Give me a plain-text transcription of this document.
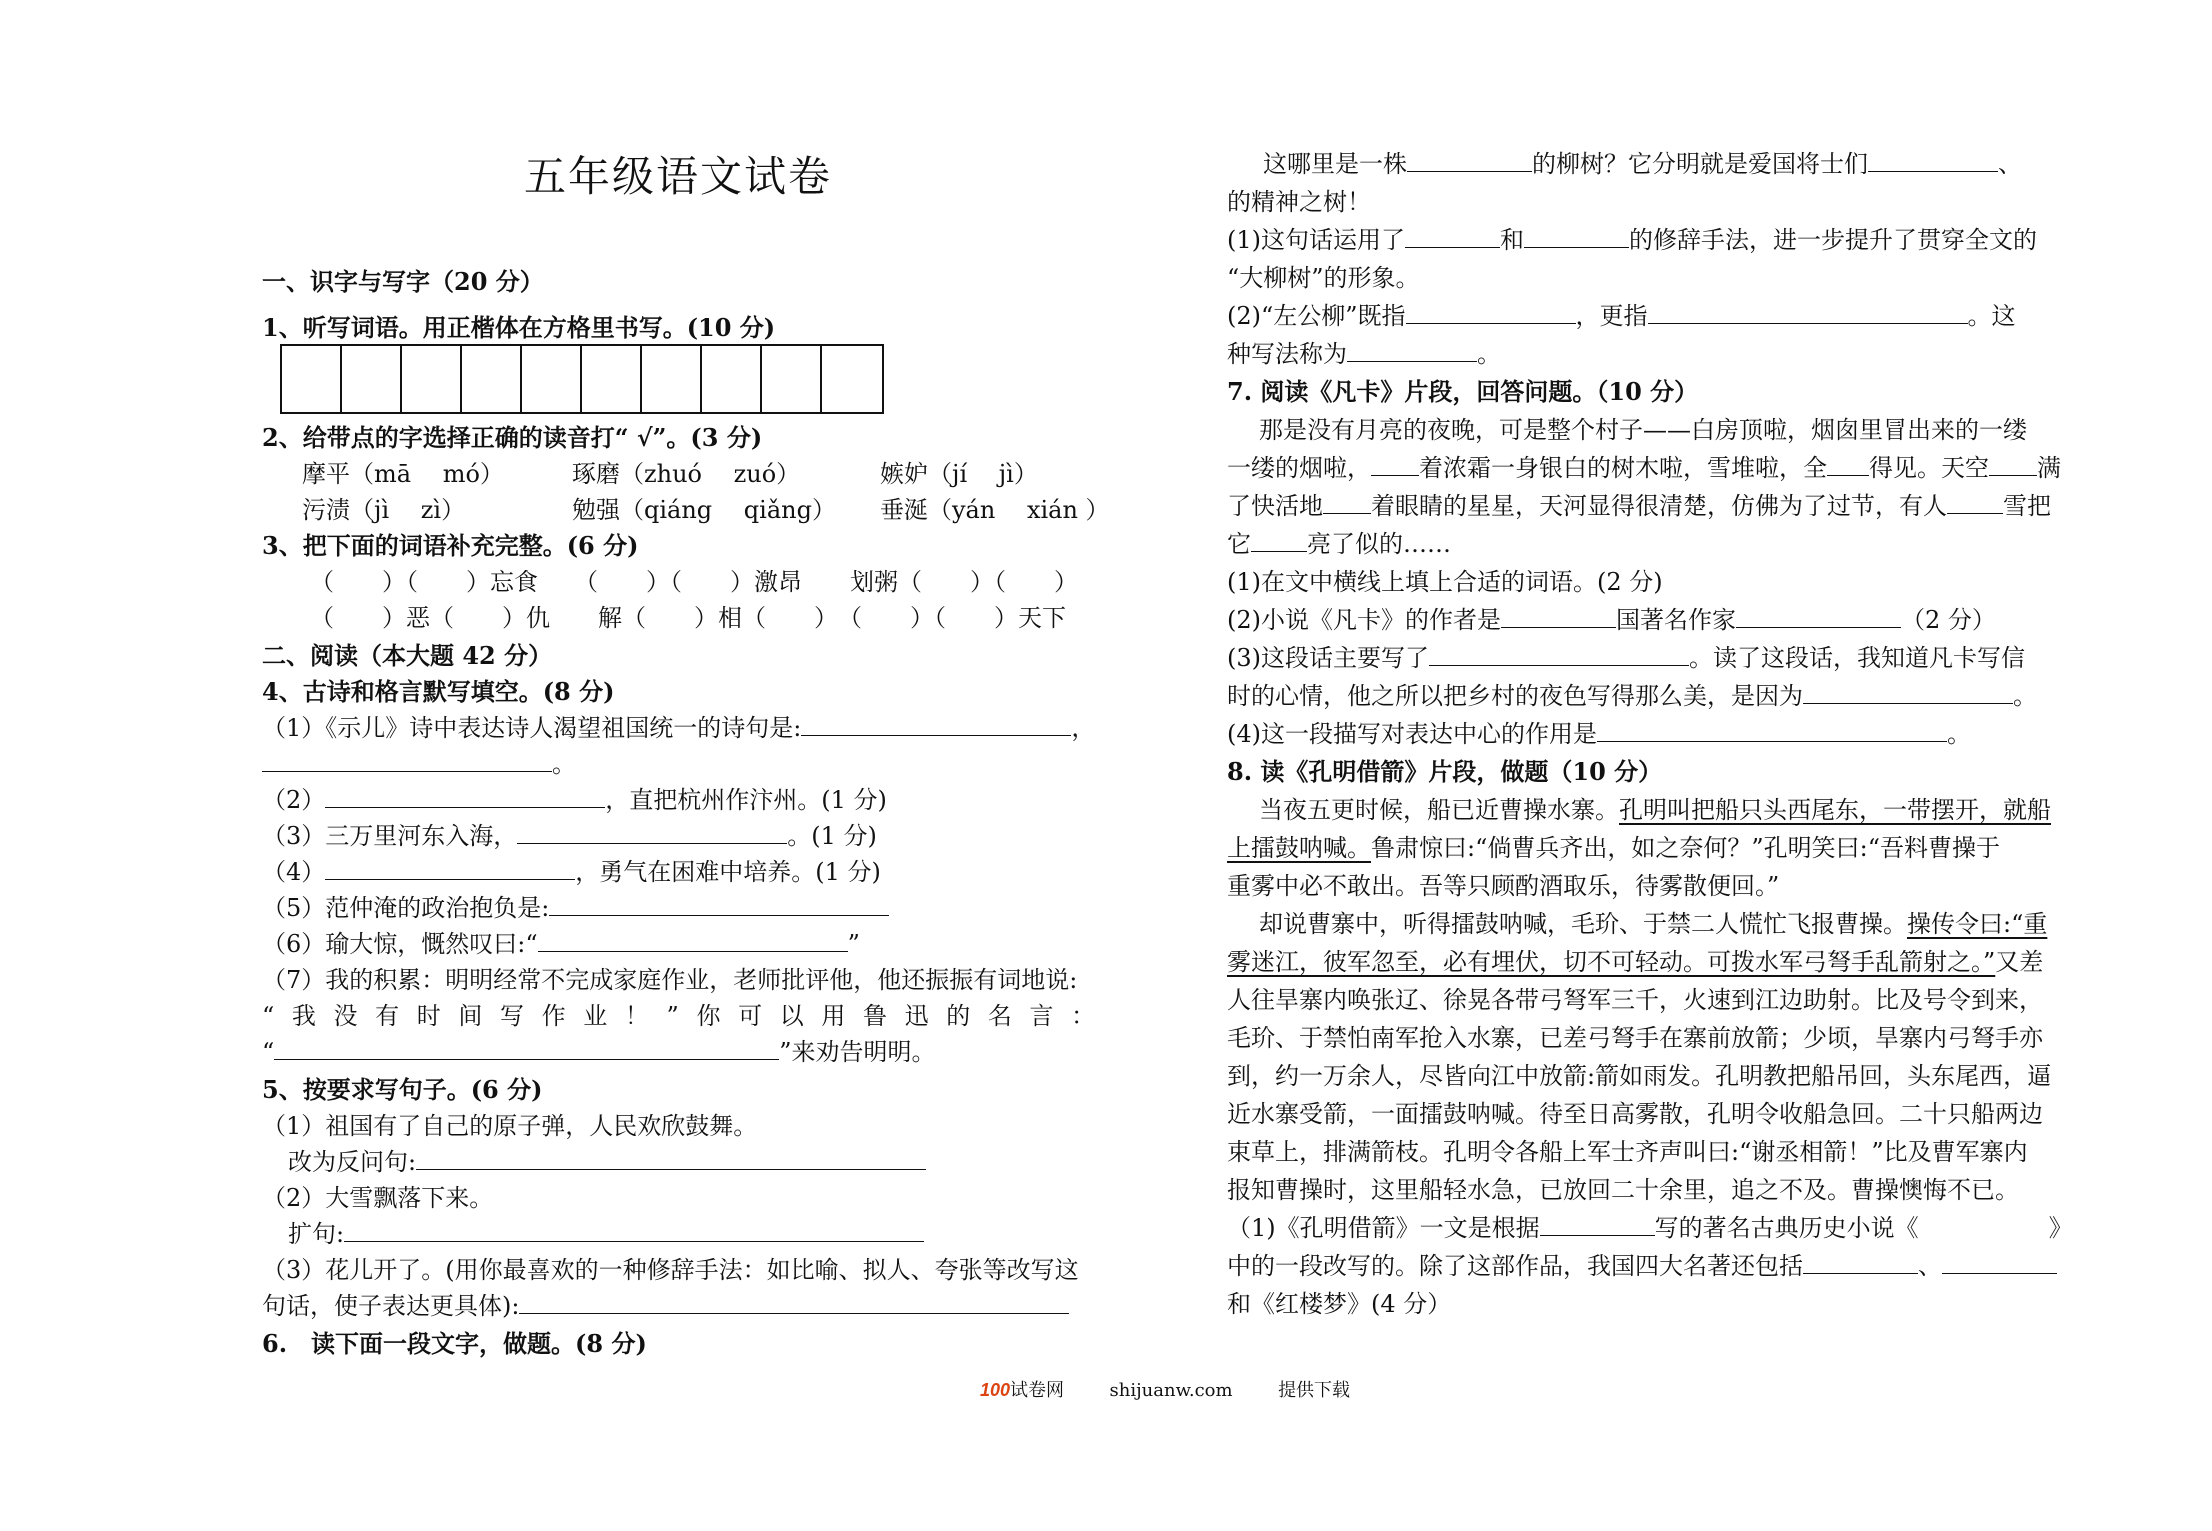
五年级语文试卷
一、识字与写字（20 分）
1、听写词语。用正楷体在方格里书写。(10 分)
2、给带点的字选择正确的读音打“ √”。(3 分)
摩平（mā　 mó）	琢磨（zhuó　 zuó）	嫉妒（jí　 jì）
污渍（jì　 zì）	勉强（qiáng　 qiǎng） 垂涎（yán　 xián ）
3、把下面的词语补充完整。(6 分)
（　　）（　　）忘食　　（　　）（　　）激昂　　划粥（　　）（　　）
（　　）恶（　　）仇　　解（　　）相（　　）　（　　）（　　）天下
二、阅读（本大题 42 分）
4、古诗和格言默写填空。(8 分)
（1）《示儿》诗中表达诗人渴望祖国统一的诗句是:	，
。
（2）	，直把杭州作汴州。(1 分)
（3）三万里河东入海，	。(1 分)
（4）	，勇气在困难中培养。(1 分)
（5）范仲淹的政治抱负是:
（6）瑜大惊，慨然叹曰:“	”
（7）我的积累：明明经常不完成家庭作业，老师批评他，他还振振有词地说:
“ 我 没 有 时 间 写 作 业 ！ ” 你 可 以 用 鲁 迅 的 名 言 ：
“	”来劝告明明。
5、按要求写句子。(6 分)
（1）祖国有了自己的原子弹，人民欢欣鼓舞。
改为反问句:
（2）大雪飘落下来。
扩句:
（3）花儿开了。(用你最喜欢的一种修辞手法：如比喻、拟人、夸张等改写这
句话，使子表达更具体):
6.　读下面一段文字，做题。(8 分)
这哪里是一株	的柳树？它分明就是爱国将士们	、
的精神之树！
(1)这句话运用了	和	的修辞手法，进一步提升了贯穿全文的
“大柳树”的形象。
(2)“左公柳”既指	，更指	。这
种写法称为	。
7. 阅读《凡卡》片段，回答问题。（10 分）
那是没有月亮的夜晚，可是整个村子——白房顶啦，烟囱里冒出来的一缕
一缕的烟啦， 着浓霜一身银白的树木啦，雪堆啦，全 得见。天空 满
了快活地 着眼睛的星星，天河显得很清楚，仿佛为了过节，有人 雪把
它 亮了似的……
(1)在文中横线上填上合适的词语。(2 分)
(2)小说《凡卡》的作者是	国著名作家	（2 分）
(3)这段话主要写了	。读了这段话，我知道凡卡写信
时的心情，他之所以把乡村的夜色写得那么美，是因为	。
(4)这一段描写对表达中心的作用是	。
8. 读《孔明借箭》片段，做题（10 分）
当夜五更时候，船已近曹操水寨。孔明叫把船只头西尾东，一带摆开，就船
上擂鼓呐喊。鲁肃惊曰:“倘曹兵齐出，如之奈何？”孔明笑曰:“吾料曹操于
重雾中必不敢出。吾等只顾酌酒取乐，待雾散便回。”
却说曹寨中，听得擂鼓呐喊，毛玠、于禁二人慌忙飞报曹操。操传令曰:“重
雾迷江，彼军忽至，必有埋伏，切不可轻动。可拨水军弓弩手乱箭射之。”又差
人往旱寨内唤张辽、徐晃各带弓弩军三千，火速到江边助射。比及号令到来，
毛玠、于禁怕南军抢入水寨，已差弓弩手在寨前放箭；少顷，旱寨内弓弩手亦
到，约一万余人，尽皆向江中放箭:箭如雨发。孔明教把船吊回，头东尾西，逼
近水寨受箭，一面擂鼓呐喊。待至日高雾散，孔明令收船急回。二十只船两边
束草上，排满箭枝。孔明令各船上军士齐声叫曰:“谢丞相箭！”比及曹军寨内
报知曹操时，这里船轻水急，已放回二十余里，追之不及。曹操懊悔不已。
（1)《孔明借箭》一文是根据	写的著名古典历史小说《	》
中的一段改写的。除了这部作品，我国四大名著还包括	、
和《红楼梦》(4 分）
100试卷网	shijuanw.com	提供下载
